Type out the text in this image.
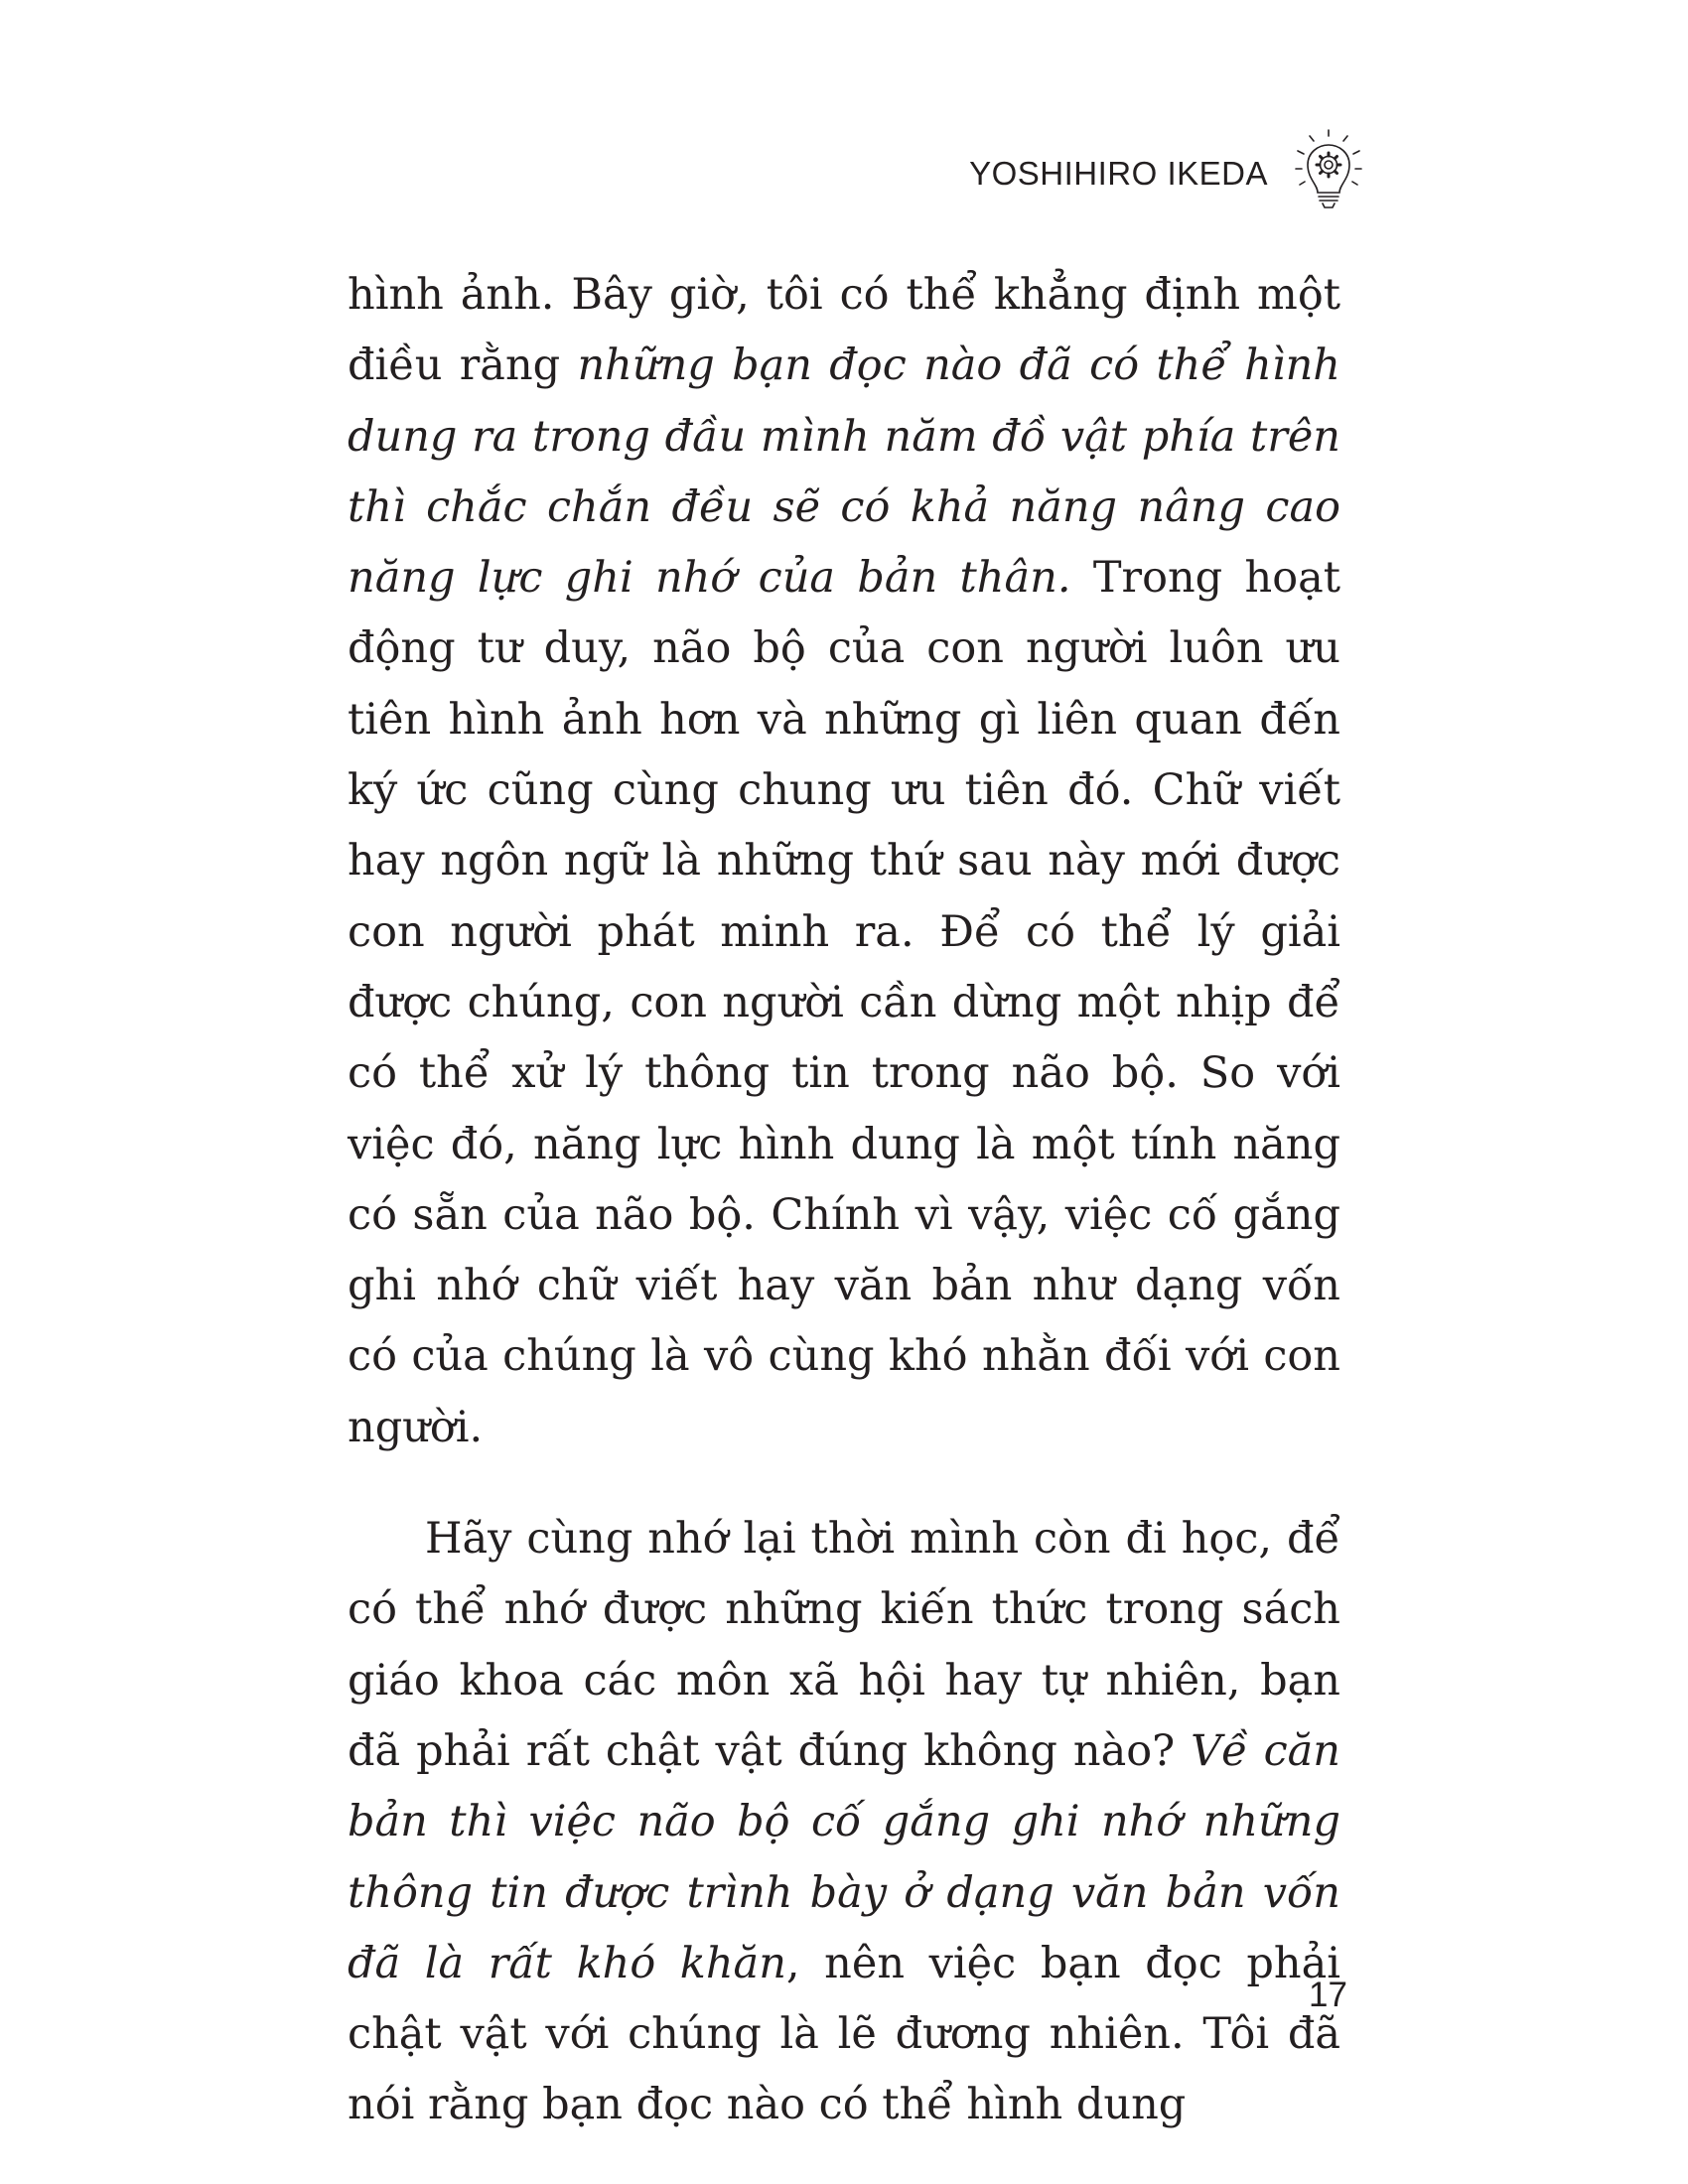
YOSHIHIRO IKEDA

hình ảnh. Bây giờ, tôi có thể khẳng định một điều rằng những bạn đọc nào đã có thể hình dung ra trong đầu mình năm đồ vật phía trên thì chắc chắn đều sẽ có khả năng nâng cao năng lực ghi nhớ của bản thân. Trong hoạt động tư duy, não bộ của con người luôn ưu tiên hình ảnh hơn và những gì liên quan đến ký ức cũng cùng chung ưu tiên đó. Chữ viết hay ngôn ngữ là những thứ sau này mới được con người phát minh ra. Để có thể lý giải được chúng, con người cần dừng một nhịp để có thể xử lý thông tin trong não bộ. So với việc đó, năng lực hình dung là một tính năng có sẵn của não bộ. Chính vì vậy, việc cố gắng ghi nhớ chữ viết hay văn bản như dạng vốn có của chúng là vô cùng khó nhằn đối với con người.

Hãy cùng nhớ lại thời mình còn đi học, để có thể nhớ được những kiến thức trong sách giáo khoa các môn xã hội hay tự nhiên, bạn đã phải rất chật vật đúng không nào? Về căn bản thì việc não bộ cố gắng ghi nhớ những thông tin được trình bày ở dạng văn bản vốn đã là rất khó khăn, nên việc bạn đọc phải chật vật với chúng là lẽ đương nhiên. Tôi đã nói rằng bạn đọc nào có thể hình dung

17
